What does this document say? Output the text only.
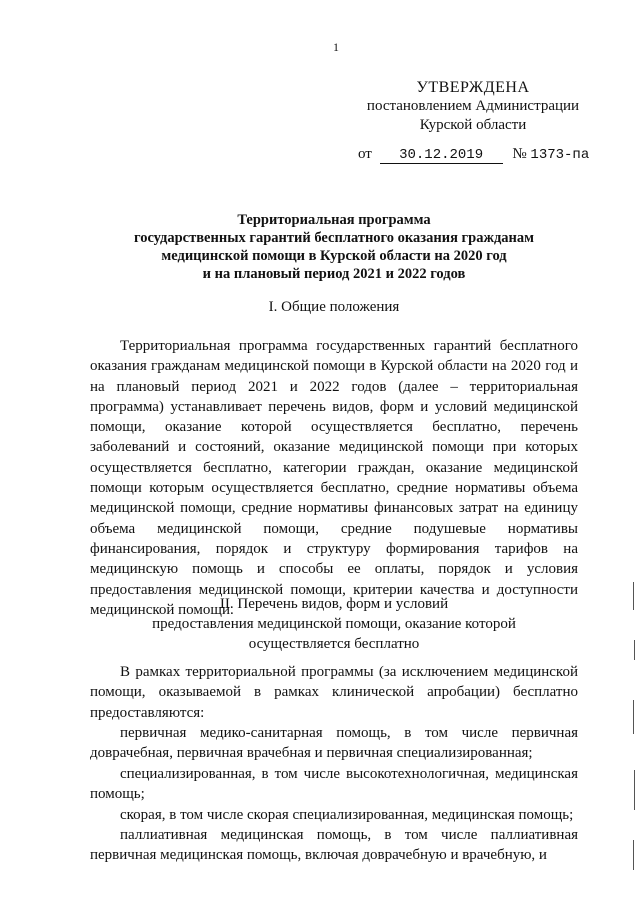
1
УТВЕРЖДЕНА
постановлением Администрации
Курской области
от 30.12.2019 № 1373-па
Территориальная программа
государственных гарантий бесплатного оказания гражданам
медицинской помощи в Курской области на 2020 год
и на плановый период 2021 и 2022 годов
I. Общие положения

Территориальная программа государственных гарантий бесплатного оказания гражданам медицинской помощи в Курской области на 2020 год и на плановый период 2021 и 2022 годов (далее – территориальная программа) устанавливает перечень видов, форм и условий медицинской помощи, оказание которой осуществляется бесплатно, перечень заболеваний и состояний, оказание медицинской помощи при которых осуществляется бесплатно, категории граждан, оказание медицинской помощи которым осуществляется бесплатно, средние нормативы объема медицинской помощи, средние нормативы финансовых затрат на единицу объема медицинской помощи, средние подушевые нормативы финансирования, порядок и структуру формирования тарифов на медицинскую помощь и способы ее оплаты, порядок и условия предоставления медицинской помощи, критерии качества и доступности медицинской помощи.

II. Перечень видов, форм и условий
предоставления медицинской помощи, оказание которой
осуществляется бесплатно

В рамках территориальной программы (за исключением медицинской помощи, оказываемой в рамках клинической апробации) бесплатно предоставляются:

первичная медико-санитарная помощь, в том числе первичная доврачебная, первичная врачебная и первичная специализированная;

специализированная, в том числе высокотехнологичная, медицинская помощь;

скорая, в том числе скорая специализированная, медицинская помощь;

паллиативная медицинская помощь, в том числе паллиативная первичная медицинская помощь, включая доврачебную и врачебную, и
